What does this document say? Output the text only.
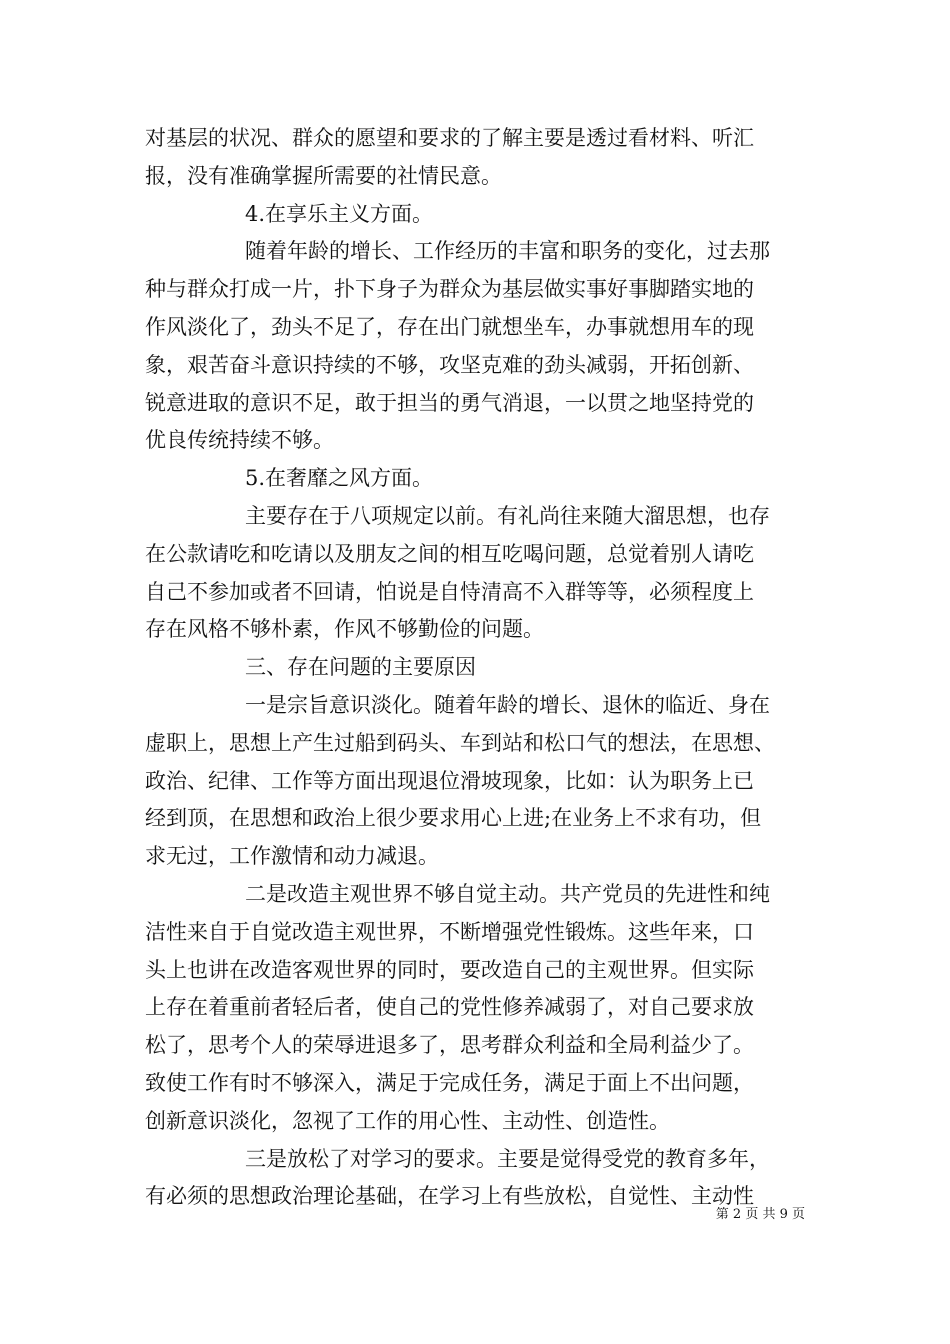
对基层的状况、群众的愿望和要求的了解主要是透过看材料、听汇
报，没有准确掌握所需要的社情民意。
4.在享乐主义方面。
随着年龄的增长、工作经历的丰富和职务的变化，过去那
种与群众打成一片，扑下身子为群众为基层做实事好事脚踏实地的
作风淡化了，劲头不足了，存在出门就想坐车，办事就想用车的现
象，艰苦奋斗意识持续的不够，攻坚克难的劲头减弱，开拓创新、
锐意进取的意识不足，敢于担当的勇气消退，一以贯之地坚持党的
优良传统持续不够。
5.在奢靡之风方面。
主要存在于八项规定以前。有礼尚往来随大溜思想，也存
在公款请吃和吃请以及朋友之间的相互吃喝问题，总觉着别人请吃
自己不参加或者不回请，怕说是自恃清高不入群等等，必须程度上
存在风格不够朴素，作风不够勤俭的问题。
三、存在问题的主要原因
一是宗旨意识淡化。随着年龄的增长、退休的临近、身在
虚职上，思想上产生过船到码头、车到站和松口气的想法，在思想、
政治、纪律、工作等方面出现退位滑坡现象，比如：认为职务上已
经到顶，在思想和政治上很少要求用心上进;在业务上不求有功，但
求无过，工作激情和动力减退。
二是改造主观世界不够自觉主动。共产党员的先进性和纯
洁性来自于自觉改造主观世界，不断增强党性锻炼。这些年来，口
头上也讲在改造客观世界的同时，要改造自己的主观世界。但实际
上存在着重前者轻后者，使自己的党性修养减弱了，对自己要求放
松了，思考个人的荣辱进退多了，思考群众利益和全局利益少了。
致使工作有时不够深入，满足于完成任务，满足于面上不出问题，
创新意识淡化，忽视了工作的用心性、主动性、创造性。
三是放松了对学习的要求。主要是觉得受党的教育多年，
有必须的思想政治理论基础，在学习上有些放松，自觉性、主动性
第 2 页 共 9 页
